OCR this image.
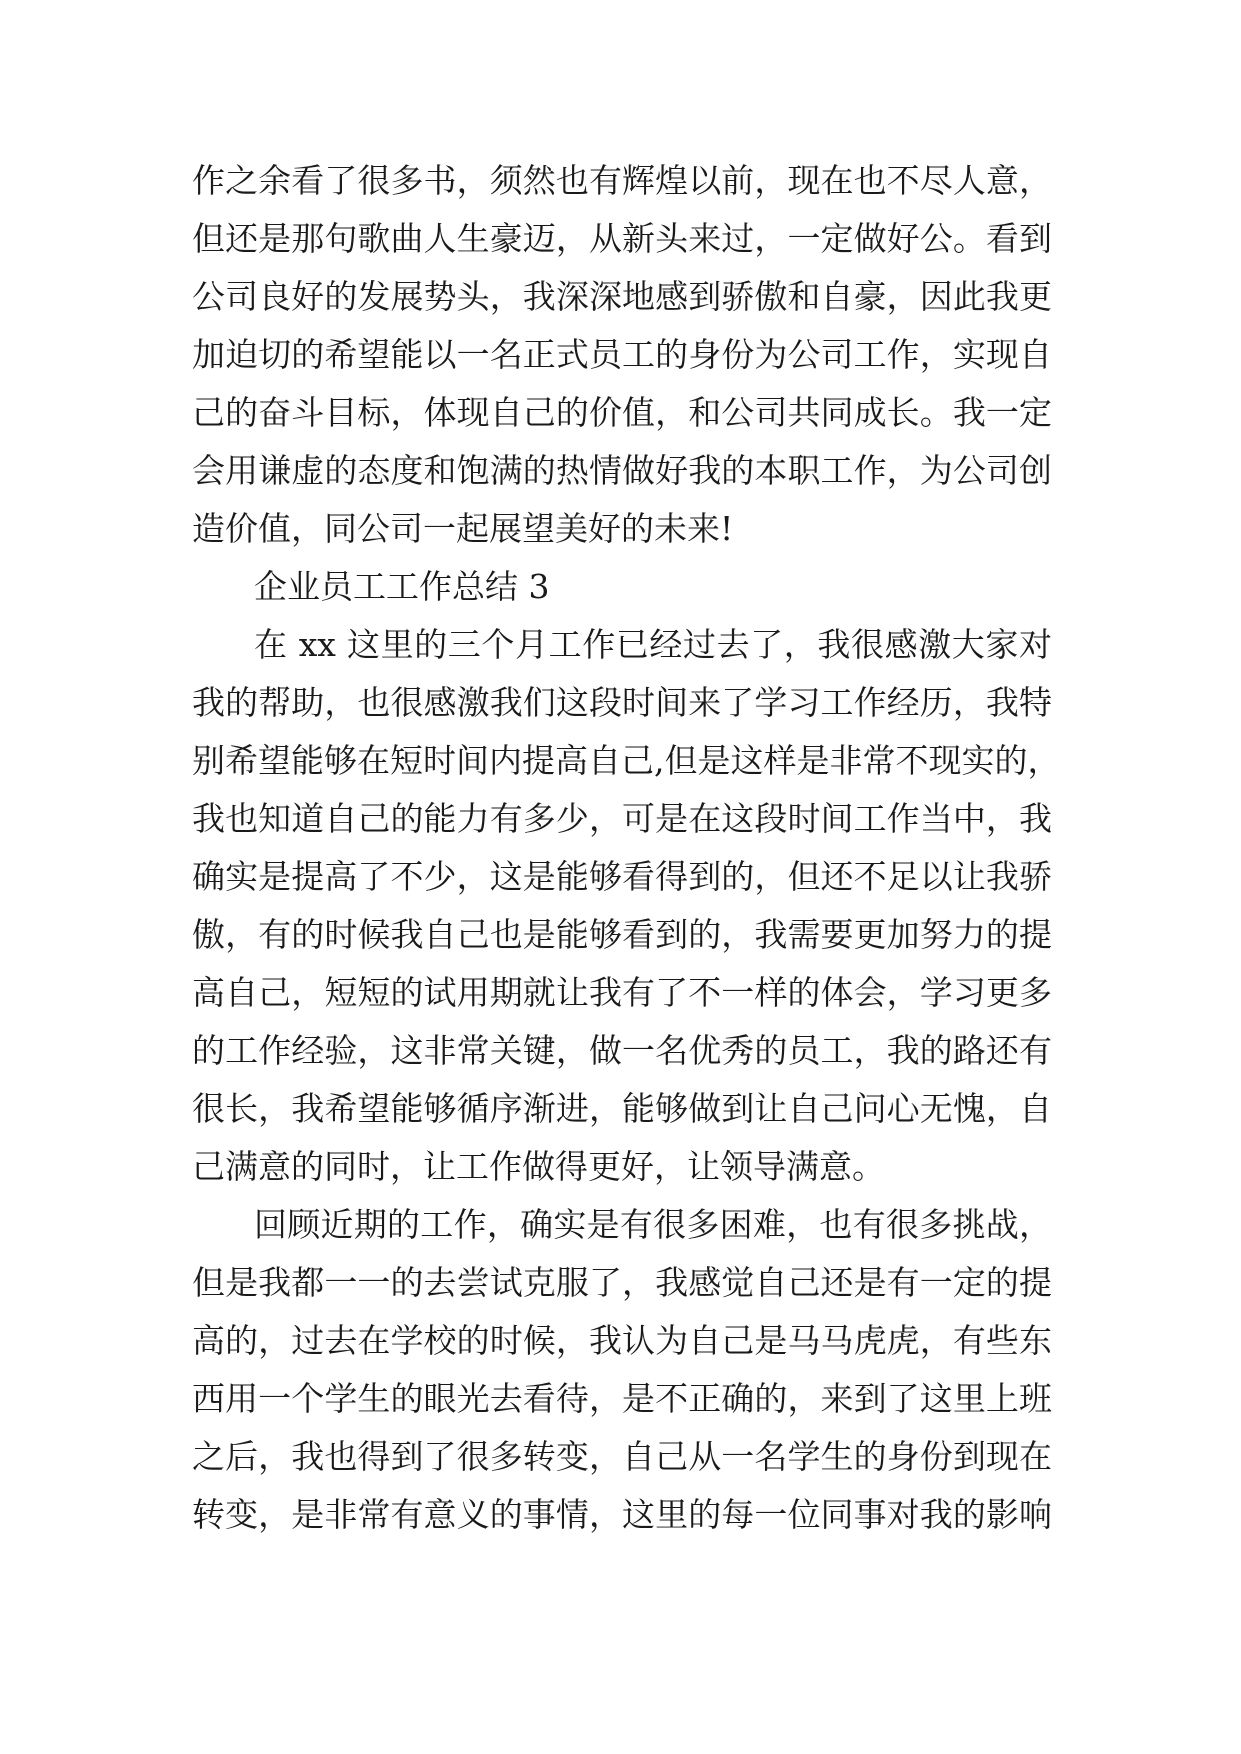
作之余看了很多书，须然也有辉煌以前，现在也不尽人意，
但还是那句歌曲人生豪迈，从新头来过，一定做好公。看到
公司良好的发展势头，我深深地感到骄傲和自豪，因此我更
加迫切的希望能以一名正式员工的身份为公司工作，实现自
己的奋斗目标，体现自己的价值，和公司共同成长。我一定
会用谦虚的态度和饱满的热情做好我的本职工作，为公司创
造价值，同公司一起展望美好的未来!
企业员工工作总结 3
在 xx 这里的三个月工作已经过去了，我很感激大家对
我的帮助，也很感激我们这段时间来了学习工作经历，我特
别希望能够在短时间内提高自己,但是这样是非常不现实的，
我也知道自己的能力有多少，可是在这段时间工作当中，我
确实是提高了不少，这是能够看得到的，但还不足以让我骄
傲，有的时候我自己也是能够看到的，我需要更加努力的提
高自己，短短的试用期就让我有了不一样的体会，学习更多
的工作经验，这非常关键，做一名优秀的员工，我的路还有
很长，我希望能够循序渐进，能够做到让自己问心无愧，自
己满意的同时，让工作做得更好，让领导满意。
回顾近期的工作，确实是有很多困难，也有很多挑战，
但是我都一一的去尝试克服了，我感觉自己还是有一定的提
高的，过去在学校的时候，我认为自己是马马虎虎，有些东
西用一个学生的眼光去看待，是不正确的，来到了这里上班
之后，我也得到了很多转变，自己从一名学生的身份到现在
转变，是非常有意义的事情，这里的每一位同事对我的影响
